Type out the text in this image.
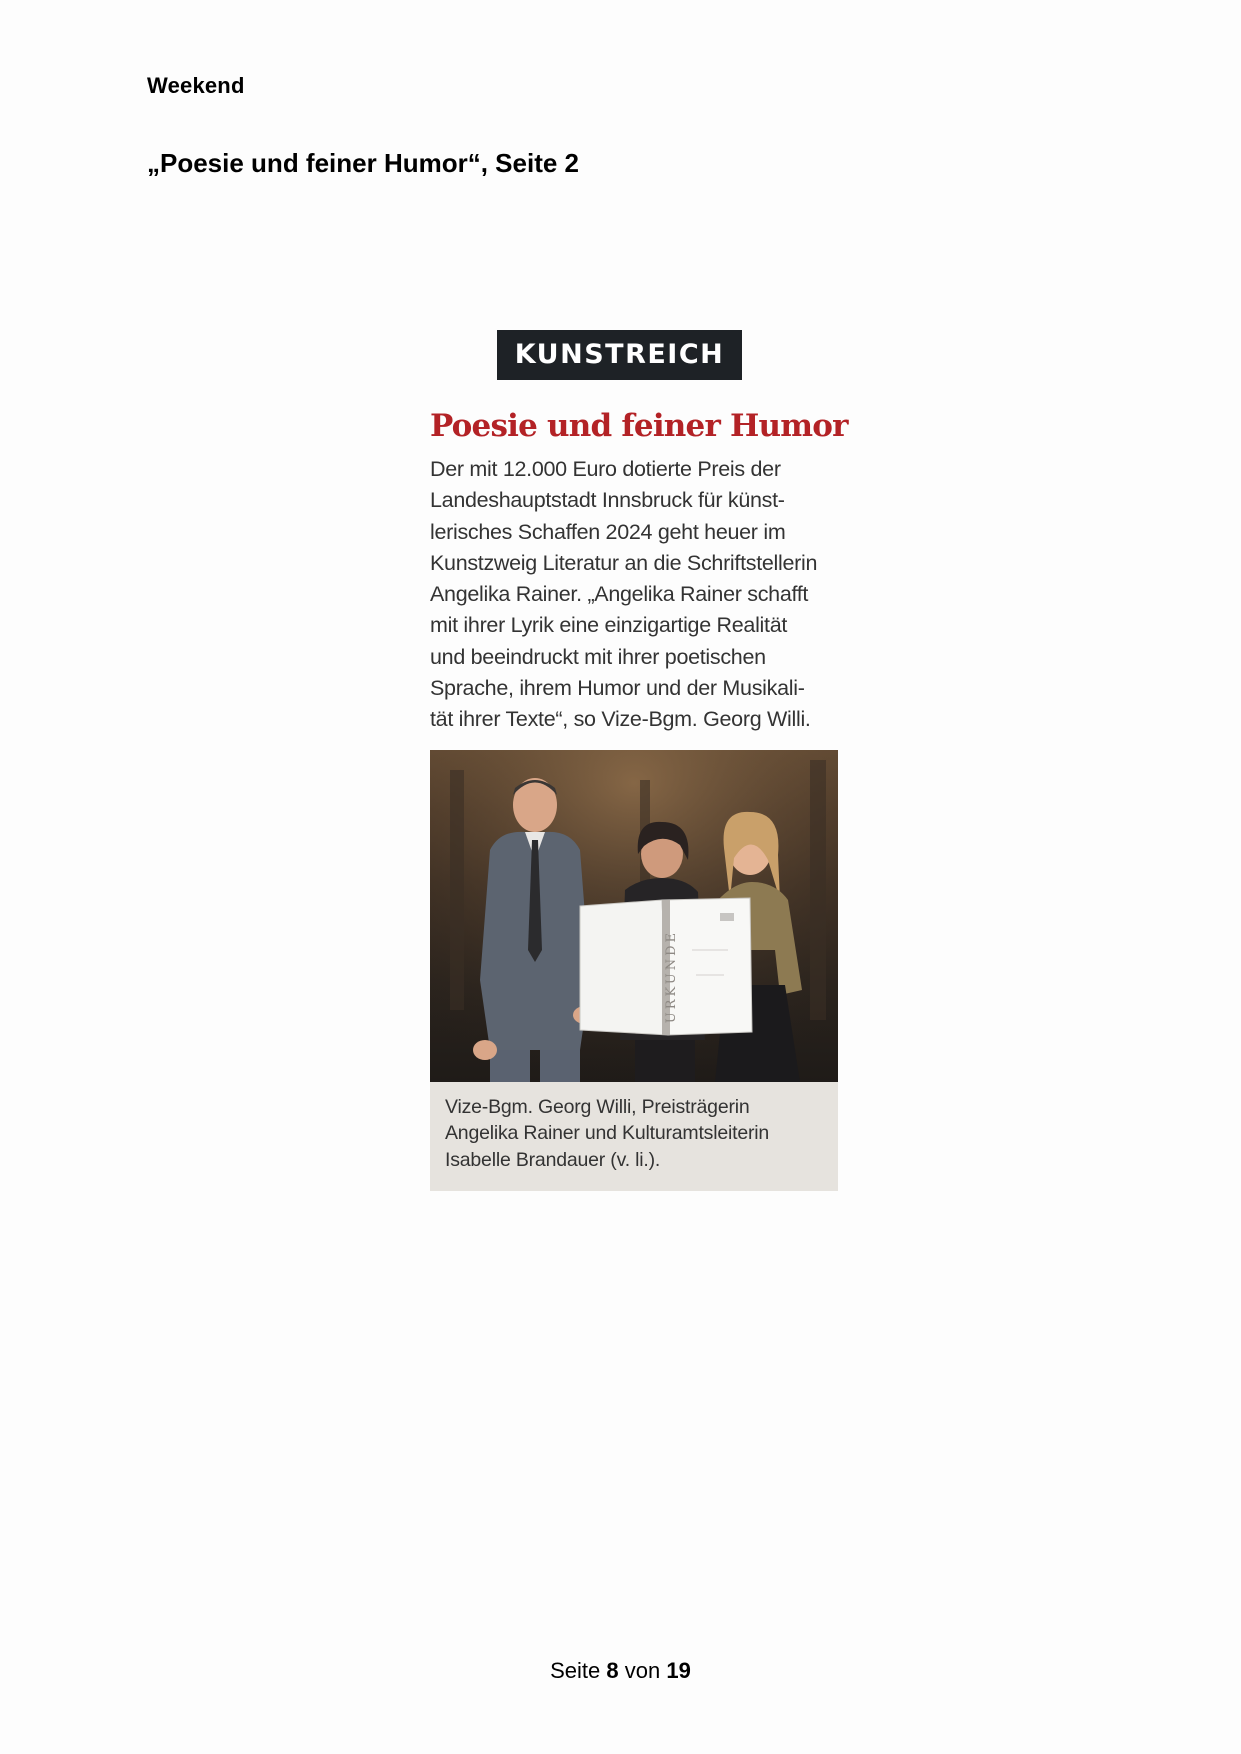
Weekend
„Poesie und feiner Humor“, Seite 2
KUNSTREICH
Poesie und feiner Humor
Der mit 12.000 Euro dotierte Preis der
Landeshauptstadt Innsbruck für künst-
lerisches Schaffen 2024 geht heuer im
Kunstzweig Literatur an die Schriftstellerin
Angelika Rainer. „Angelika Rainer schafft
mit ihrer Lyrik eine einzigartige Realität
und beeindruckt mit ihrer poetischen
Sprache, ihrem Humor und der Musikali-
tät ihrer Texte“, so Vize-Bgm. Georg Willi.
URKUNDE
Vize-Bgm. Georg Willi, Preisträgerin
Angelika Rainer und Kulturamtsleiterin
Isabelle Brandauer (v. li.).
Seite 8 von 19
